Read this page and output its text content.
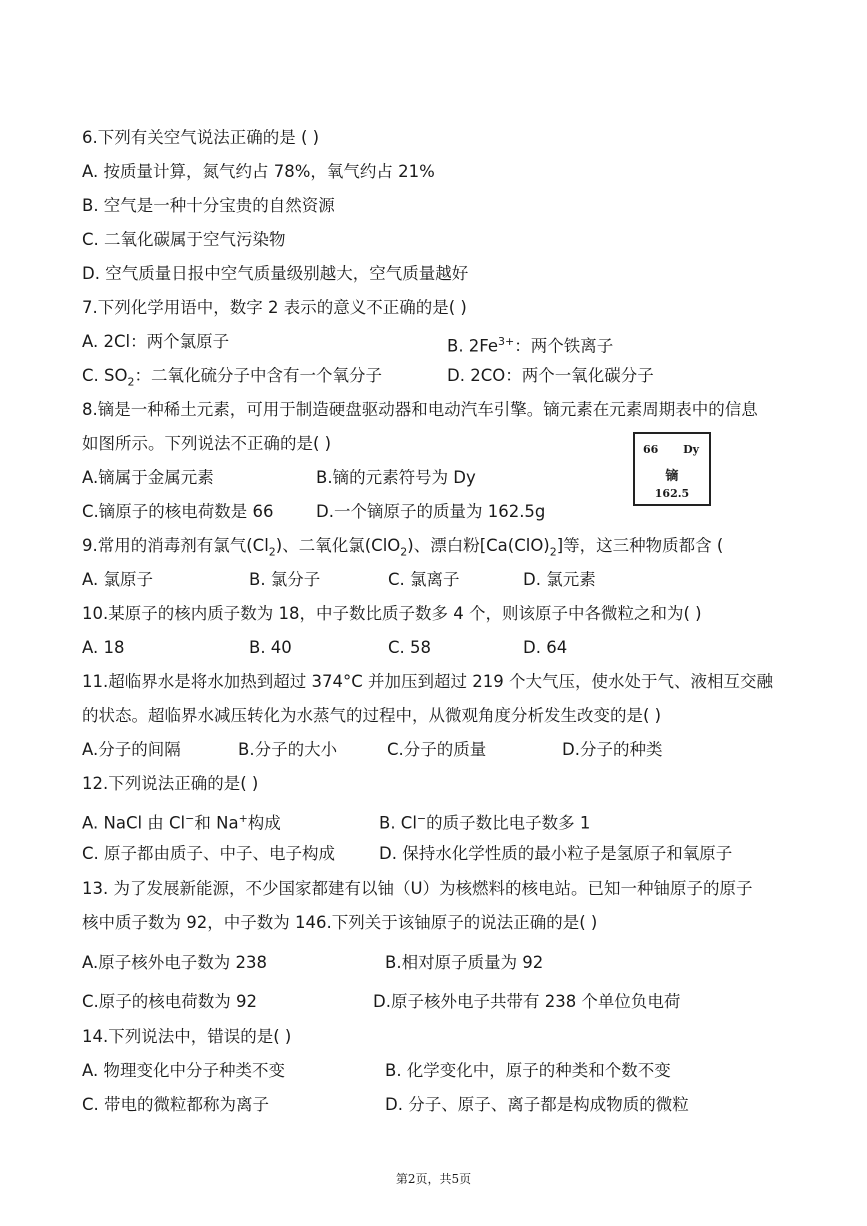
6.下列有关空气说法正确的是 ( )
A. 按质量计算，氮气约占 78%，氧气约占 21%
B. 空气是一种十分宝贵的自然资源
C. 二氧化碳属于空气污染物
D. 空气质量日报中空气质量级别越大，空气质量越好
7.下列化学用语中，数字 2 表示的意义不正确的是( )
A. 2Cl：两个氯原子	B. $2Fe^{3+}$：两个铁离子
C. $SO_2$：二氧化硫分子中含有一个氧分子	D. 2CO：两个一氧化碳分子
8.镝是一种稀土元素，可用于制造硬盘驱动器和电动汽车引擎。镝元素在元素周期表中的信息
如图所示。下列说法不正确的是( )
A.镝属于金属元素	B.镝的元素符号为 Dy
C.镝原子的核电荷数是 66	D.一个镝原子的质量为 162.5g
66 Dy
镝
162.5
9.常用的消毒剂有氯气$(Cl_2)$、二氧化氯(ClO$_2$)、漂白粉$[Ca(ClO)_2]$等，这三种物质都含 (
A. 氯原子	B. 氯分子	C. 氯离子	D. 氯元素
10.某原子的核内质子数为 18，中子数比质子数多 4 个，则该原子中各微粒之和为( )
A. 18	B. 40	C. 58	D. 64
11.超临界水是将水加热到超过 374°C 并加压到超过 219 个大气压，使水处于气、液相互交融
的状态。超临界水减压转化为水蒸气的过程中，从微观角度分析发生改变的是( )
A.分子的间隔	B.分子的大小	C.分子的质量	D.分子的种类
12.下列说法正确的是( )
A. NaCl 由 Cl−和 Na+构成	B. Cl−的质子数比电子数多 1
C. 原子都由质子、中子、电子构成	D. 保持水化学性质的最小粒子是氢原子和氧原子
13. 为了发展新能源，不少国家都建有以铀（U）为核燃料的核电站。已知一种铀原子的原子
核中质子数为 92，中子数为 146.下列关于该铀原子的说法正确的是( )
A.原子核外电子数为 238	B.相对原子质量为 92
C.原子的核电荷数为 92	D.原子核外电子共带有 238 个单位负电荷
14.下列说法中，错误的是( )
A. 物理变化中分子种类不变	B. 化学变化中，原子的种类和个数不变
C. 带电的微粒都称为离子	D. 分子、原子、离子都是构成物质的微粒
第2页，共5页
